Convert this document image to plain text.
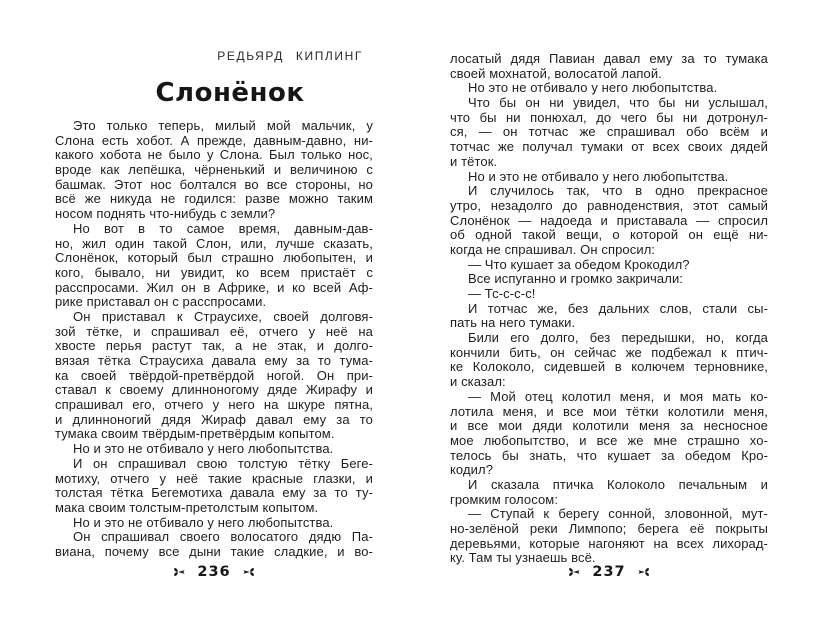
РЕДЬЯРД КИПЛИНГ
Слонёнок
Это только теперь, милый мой мальчик, у
Слона есть хобот. А прежде, давным-давно, ни-
какого хобота не было у Слона. Был только нос,
вроде как лепёшка, чёрненький и величиною с
башмак. Этот нос болтался во все стороны, но
всё же никуда не годился: разве можно таким
носом поднять что-нибудь с земли?
Но вот в то самое время, давным-дав-
но, жил один такой Слон, или, лучше сказать,
Слонёнок, который был страшно любопытен, и
кого, бывало, ни увидит, ко всем пристаёт с
расспросами. Жил он в Африке, и ко всей Аф-
рике приставал он с расспросами.
Он приставал к Страусихе, своей долговя-
зой тётке, и спрашивал её, отчего у неё на
хвосте перья растут так, а не этак, и долго-
вязая тётка Страусиха давала ему за то тума-
ка своей твёрдой-претвёрдой ногой. Он при-
ставал к своему длинноногому дяде Жирафу и
спрашивал его, отчего у него на шкуре пятна,
и длинноногий дядя Жираф давал ему за то
тумака своим твёрдым-претвёрдым копытом.
Но и это не отбивало у него любопытства.
И он спрашивал свою толстую тётку Беге-
мотиху, отчего у неё такие красные глазки, и
толстая тётка Бегемотиха давала ему за то ту-
мака своим толстым-претолстым копытом.
Но и это не отбивало у него любопытства.
Он спрашивал своего волосатого дядю Па-
виана, почему все дыни такие сладкие, и во-
236
лосатый дядя Павиан давал ему за то тумака
своей мохнатой, волосатой лапой.
Но это не отбивало у него любопытства.
Что бы он ни увидел, что бы ни услышал,
что бы ни понюхал, до чего бы ни дотронул-
ся, — он тотчас же спрашивал обо всём и
тотчас же получал тумаки от всех своих дядей
и тёток.
Но и это не отбивало у него любопытства.
И случилось так, что в одно прекрасное
утро, незадолго до равноденствия, этот самый
Слонёнок — надоеда и приставала — спросил
об одной такой вещи, о которой он ещё ни-
когда не спрашивал. Он спросил:
— Что кушает за обедом Крокодил?
Все испуганно и громко закричали:
— Тс-с-с-с!
И тотчас же, без дальних слов, стали сы-
пать на него тумаки.
Били его долго, без передышки, но, когда
кончили бить, он сейчас же подбежал к птич-
ке Колоколо, сидевшей в колючем терновнике,
и сказал:
— Мой отец колотил меня, и моя мать ко-
лотила меня, и все мои тётки колотили меня,
и все мои дяди колотили меня за несносное
мое любопытство, и все же мне страшно хо-
телось бы знать, что кушает за обедом Кро-
кодил?
И сказала птичка Колоколо печальным и
громким голосом:
— Ступай к берегу сонной, зловонной, мут-
но-зелёной реки Лимпопо; берега её покрыты
деревьями, которые нагоняют на всех лихорад-
ку. Там ты узнаешь всё.
237
